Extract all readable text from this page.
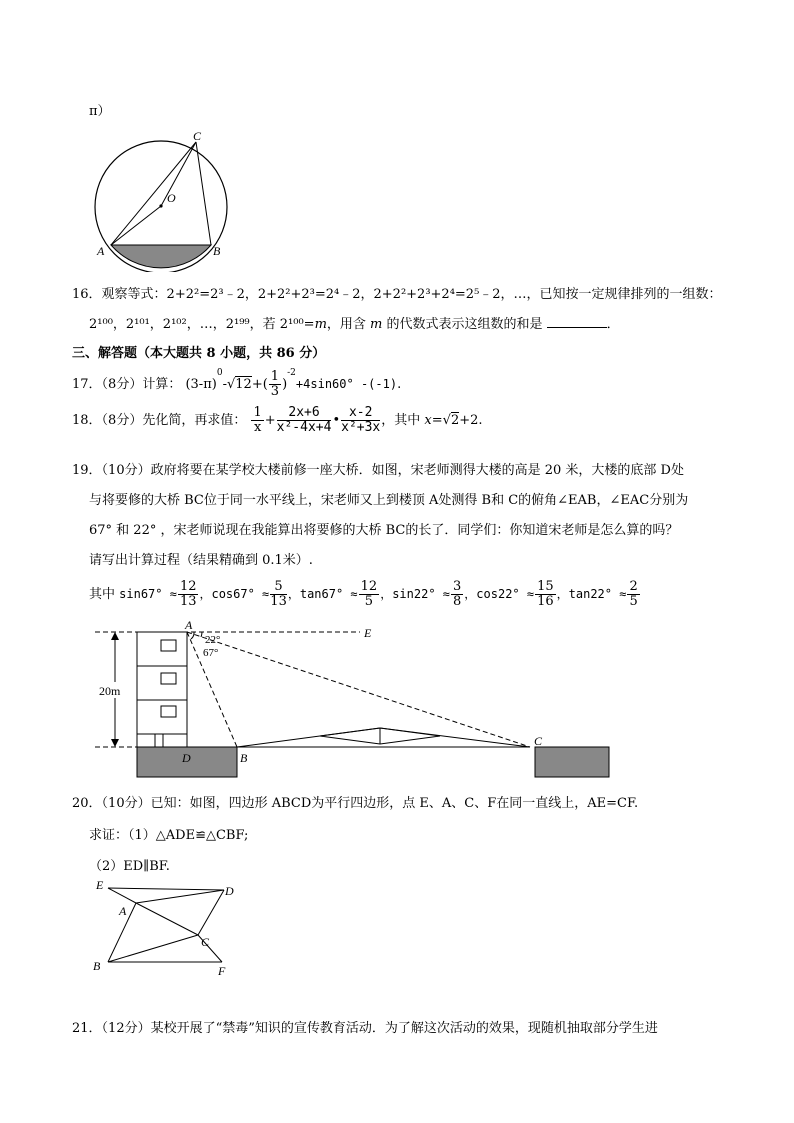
π）
C
O
A	B
16．观察等式：2+2²=2³﹣2，2+2²+2³=2⁴﹣2，2+2²+2³+2⁴=2⁵﹣2，…，已知按一定规律排列的一组数：
2¹⁰⁰，2¹⁰¹，2¹⁰²，…，2¹⁹⁹，若 2¹⁰⁰=m，用含 m 的代数式表示这组数的和是	．
三、解答题（本大题共 8 小题，共 86 分）
17．（8分）计算： $(3-\pi)^0-√12+( \frac{1}{3} )^{-2}+4\sin 60^\circ$ -(-1).
18．（8分）先化简，再求值： $\frac{1}{x} + \frac{2x+6}{\text{x²-4x+4}}$ • $\frac{x-2}{\text{x²+3x}}$ ，其中 x=√2+2.
19．（10分）政府将要在某学校大楼前修一座大桥．如图，宋老师测得大楼的高是 20 米，大楼的底部 D处
与将要修的大桥 BC位于同一水平线上，宋老师又上到楼顶 A处测得 B和 C的俯角∠EAB，∠EAC分别为
67° 和 22° ，宋老师说现在我能算出将要修的大桥 BC的长了．同学们：你知道宋老师是怎么算的吗？
请写出计算过程（结果精确到 0.1米）.
其中 $\sin 67^\circ \approx \frac{12}{13}$ ，$\cos 67^\circ \approx \frac{5}{13}$ ，$\tan 67^\circ \approx \frac{12}{5}$ ，$\sin 22^\circ \approx \frac{3}{8}$ ，$\cos 22^\circ \approx \frac{15}{16}$ ，$\tan 22^\circ \approx \frac{2}{5}$
20m
A
E
22°
67°
D	B
C
20．（10分）已知：如图，四边形 ABCD为平行四边形，点 E、A、C、F在同一直线上，AE=CF.
求证：（1）△ADE≌△CBF;
（2）ED∥BF.
E	D
A
C
B	F
21．（12分）某校开展了“禁毒”知识的宣传教育活动．为了解这次活动的效果，现随机抽取部分学生进
